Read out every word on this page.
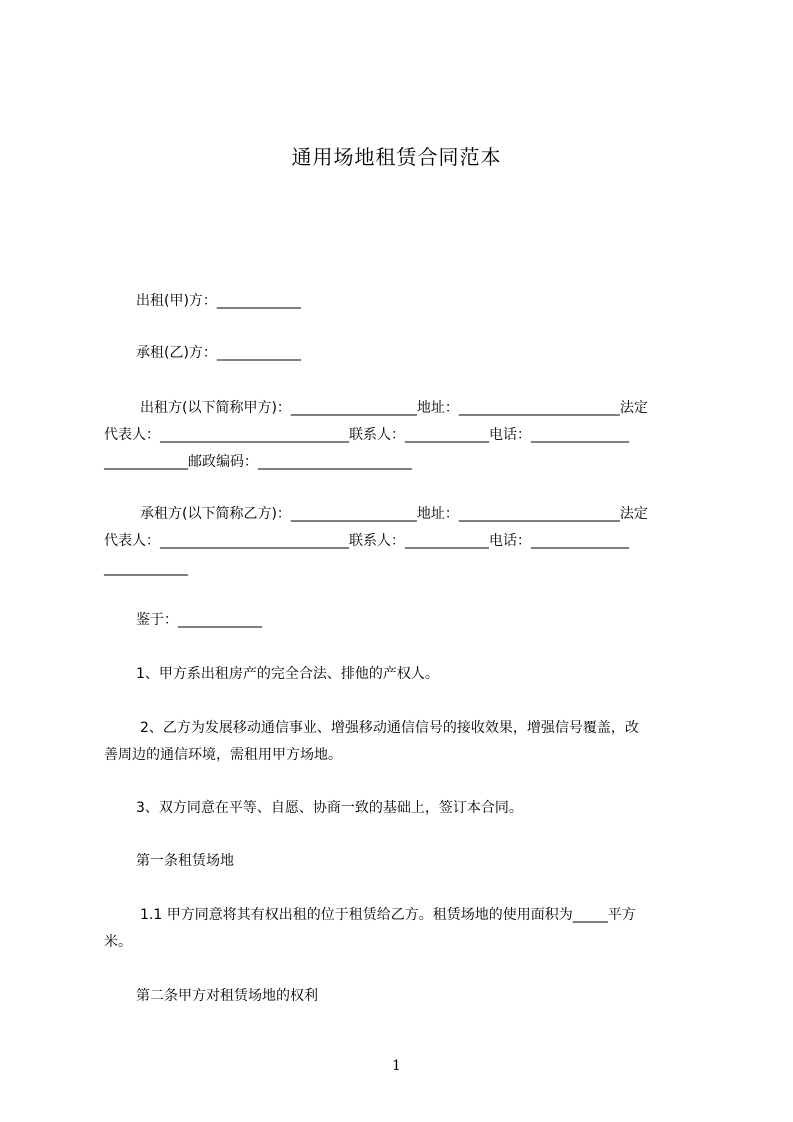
通用场地租赁合同范本
出租(甲)方：____________
承租(乙)方：____________
出租方(以下简称甲方)：__________________地址：_______________________法定
代表人：___________________________联系人：____________电话：______________
____________邮政编码：______________________
承租方(以下简称乙方)：__________________地址：_______________________法定
代表人：___________________________联系人：____________电话：______________
____________
鉴于：____________
1、甲方系出租房产的完全合法、排他的产权人。
2、乙方为发展移动通信事业、增强移动通信信号的接收效果，增强信号覆盖，改
善周边的通信环境，需租用甲方场地。
3、双方同意在平等、自愿、协商一致的基础上，签订本合同。
第一条租赁场地
1.1 甲方同意将其有权出租的位于租赁给乙方。租赁场地的使用面积为_____平方
米。
第二条甲方对租赁场地的权利
1
